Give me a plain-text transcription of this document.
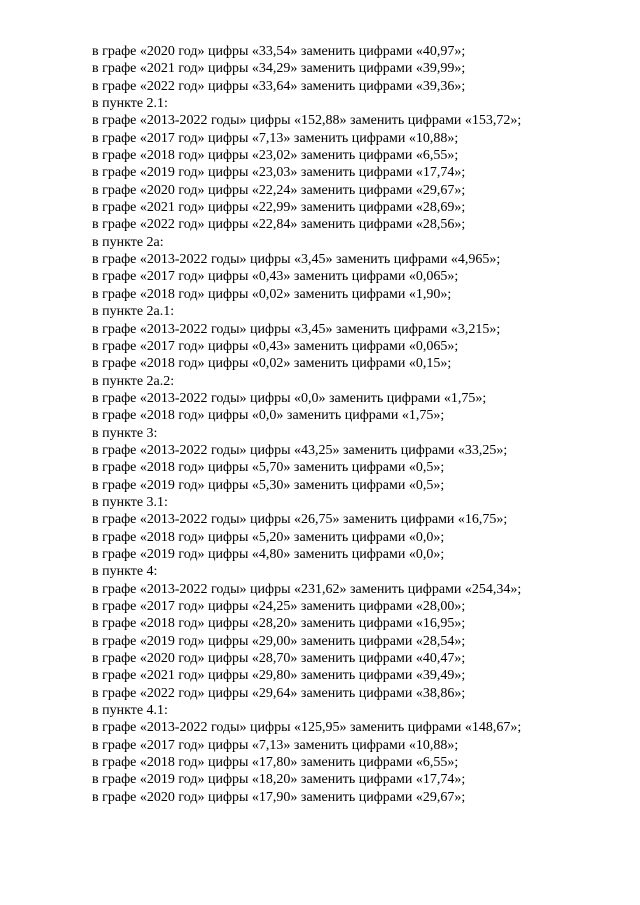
в графе «2020 год» цифры «33,54» заменить цифрами «40,97»;
в графе «2021 год» цифры «34,29» заменить цифрами «39,99»;
в графе «2022 год» цифры «33,64» заменить цифрами «39,36»;
в пункте 2.1:
в графе «2013-2022 годы» цифры «152,88» заменить цифрами «153,72»;
в графе «2017 год» цифры «7,13» заменить цифрами «10,88»;
в графе «2018 год» цифры «23,02» заменить цифрами «6,55»;
в графе «2019 год» цифры «23,03» заменить цифрами «17,74»;
в графе «2020 год» цифры «22,24» заменить цифрами «29,67»;
в графе «2021 год» цифры «22,99» заменить цифрами «28,69»;
в графе «2022 год» цифры «22,84» заменить цифрами «28,56»;
в пункте 2а:
в графе «2013-2022 годы» цифры «3,45» заменить цифрами «4,965»;
в графе «2017 год» цифры «0,43» заменить цифрами «0,065»;
в графе «2018 год» цифры «0,02» заменить цифрами «1,90»;
в пункте 2а.1:
в графе «2013-2022 годы» цифры «3,45» заменить цифрами «3,215»;
в графе «2017 год» цифры «0,43» заменить цифрами «0,065»;
в графе «2018 год» цифры «0,02» заменить цифрами «0,15»;
в пункте 2а.2:
в графе «2013-2022 годы» цифры «0,0» заменить цифрами «1,75»;
в графе «2018 год» цифры «0,0» заменить цифрами «1,75»;
в пункте 3:
в графе «2013-2022 годы» цифры «43,25» заменить цифрами «33,25»;
в графе «2018 год» цифры «5,70» заменить цифрами «0,5»;
в графе «2019 год» цифры «5,30» заменить цифрами «0,5»;
в пункте 3.1:
в графе «2013-2022 годы» цифры «26,75» заменить цифрами «16,75»;
в графе «2018 год» цифры «5,20» заменить цифрами «0,0»;
в графе «2019 год» цифры «4,80» заменить цифрами «0,0»;
в пункте 4:
в графе «2013-2022 годы» цифры «231,62» заменить цифрами «254,34»;
в графе «2017 год» цифры «24,25» заменить цифрами «28,00»;
в графе «2018 год» цифры «28,20» заменить цифрами «16,95»;
в графе «2019 год» цифры «29,00» заменить цифрами «28,54»;
в графе «2020 год» цифры «28,70» заменить цифрами «40,47»;
в графе «2021 год» цифры «29,80» заменить цифрами «39,49»;
в графе «2022 год» цифры «29,64» заменить цифрами «38,86»;
в пункте 4.1:
в графе «2013-2022 годы» цифры «125,95» заменить цифрами «148,67»;
в графе «2017 год» цифры «7,13» заменить цифрами «10,88»;
в графе «2018 год» цифры «17,80» заменить цифрами «6,55»;
в графе «2019 год» цифры «18,20» заменить цифрами «17,74»;
в графе «2020 год» цифры «17,90» заменить цифрами «29,67»;
